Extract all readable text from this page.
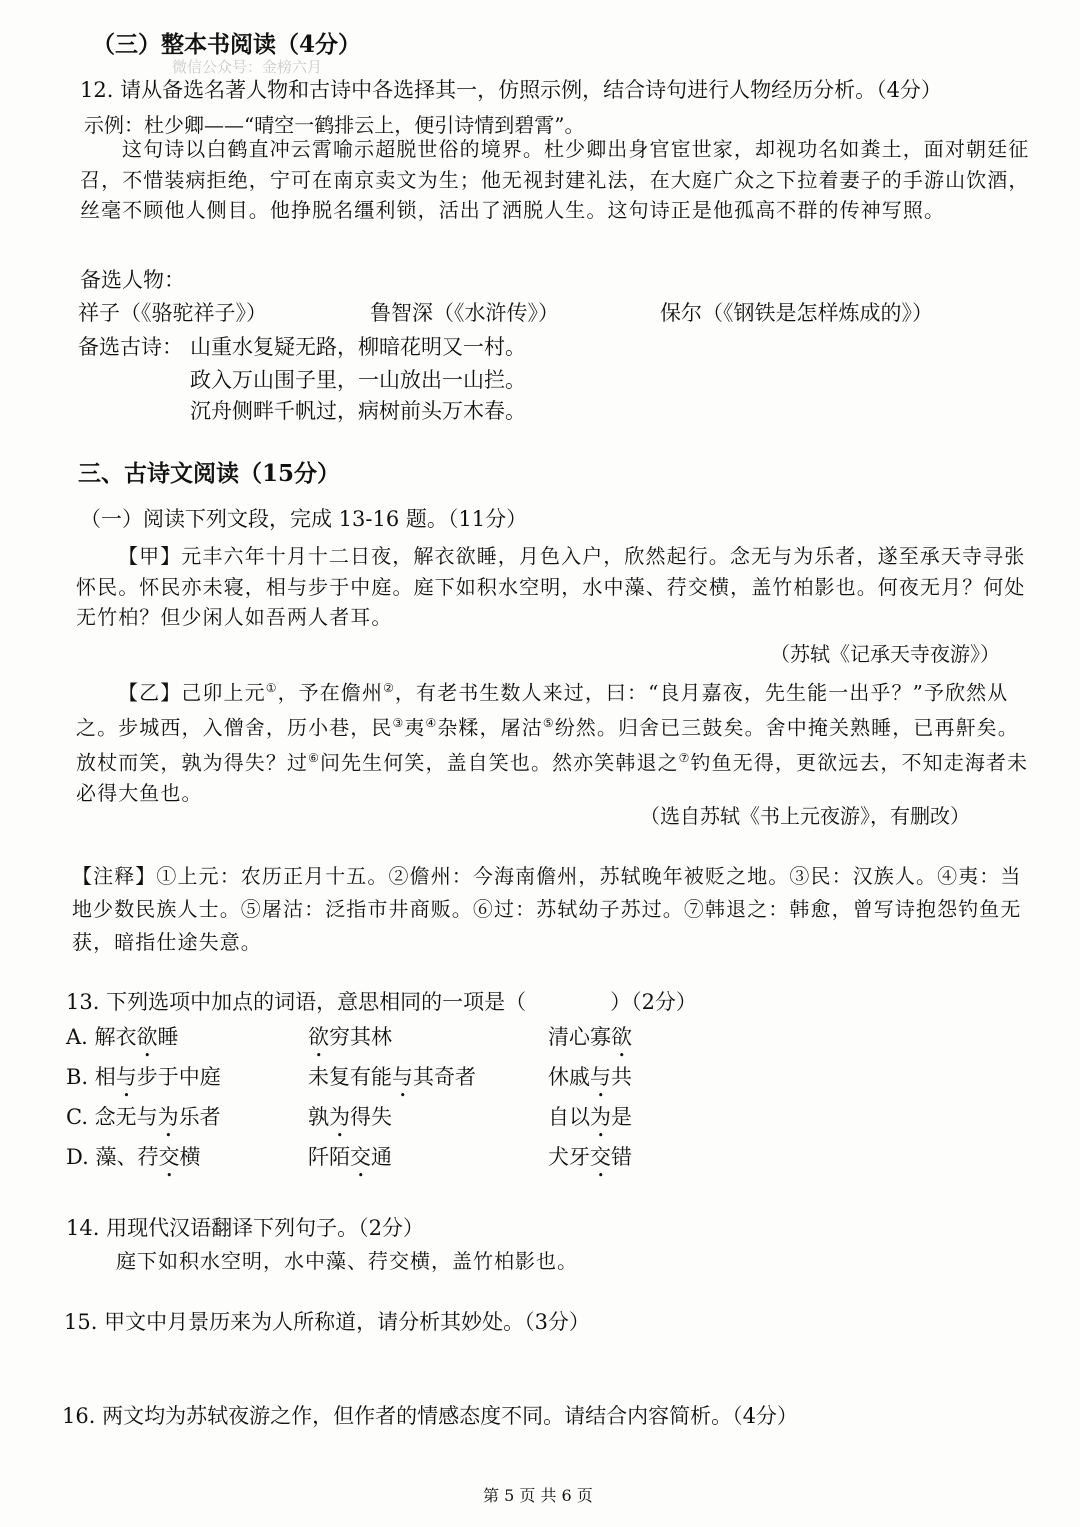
（三）整本书阅读（4分）
微信公众号：金榜六月
12. 请从备选名著人物和古诗中各选择其一，仿照示例，结合诗句进行人物经历分析。（4分）
示例：杜少卿——“晴空一鹤排云上，便引诗情到碧霄”。
这句诗以白鹤直冲云霄喻示超脱世俗的境界。杜少卿出身官宦世家，却视功名如粪土，面对朝廷征召，不惜装病拒绝，宁可在南京卖文为生；他无视封建礼法，在大庭广众之下拉着妻子的手游山饮酒，丝毫不顾他人侧目。他挣脱名缰利锁，活出了洒脱人生。这句诗正是他孤高不群的传神写照。
备选人物：
祥子（《骆驼祥子》）	鲁智深（《水浒传》）	保尔（《钢铁是怎样炼成的》）
备选古诗： 山重水复疑无路，柳暗花明又一村。
政入万山围子里，一山放出一山拦。
沉舟侧畔千帆过，病树前头万木春。
三、古诗文阅读（15分）
（一）阅读下列文段，完成 13-16 题。（11分）
【甲】元丰六年十月十二日夜，解衣欲睡，月色入户，欣然起行。念无与为乐者，遂至承天寺寻张怀民。怀民亦未寝，相与步于中庭。庭下如积水空明，水中藻、荇交横，盖竹柏影也。何夜无月？何处无竹柏？但少闲人如吾两人者耳。
（苏轼《记承天寺夜游》）
【乙】己卯上元①，予在儋州②，有老书生数人来过，曰：“良月嘉夜，先生能一出乎？”予欣然从之。步城西，入僧舍，历小巷，民③夷④杂糅，屠沽⑤纷然。归舍已三鼓矣。舍中掩关熟睡，已再鼾矣。放杖而笑，孰为得失？过⑥问先生何笑，盖自笑也。然亦笑韩退之⑦钓鱼无得，更欲远去，不知走海者未必得大鱼也。
（选自苏轼《书上元夜游》，有删改）
【注释】①上元：农历正月十五。②儋州：今海南儋州，苏轼晚年被贬之地。③民：汉族人。④夷：当地少数民族人士。⑤屠沽：泛指市井商贩。⑥过：苏轼幼子苏过。⑦韩退之：韩愈，曾写诗抱怨钓鱼无获，暗指仕途失意。
13. 下列选项中加点的词语，意思相同的一项是（　　　　）（2分）
A. 解衣欲睡	欲穷其林	清心寡欲
B. 相与步于中庭	未复有能与其奇者	休戚与共
C. 念无与为乐者	孰为得失	自以为是
D. 藻、荇交横	阡陌交通	犬牙交错
14. 用现代汉语翻译下列句子。（2分）
庭下如积水空明，水中藻、荇交横，盖竹柏影也。
15. 甲文中月景历来为人所称道，请分析其妙处。（3分）
16. 两文均为苏轼夜游之作，但作者的情感态度不同。请结合内容简析。（4分）
第 5 页 共 6 页
